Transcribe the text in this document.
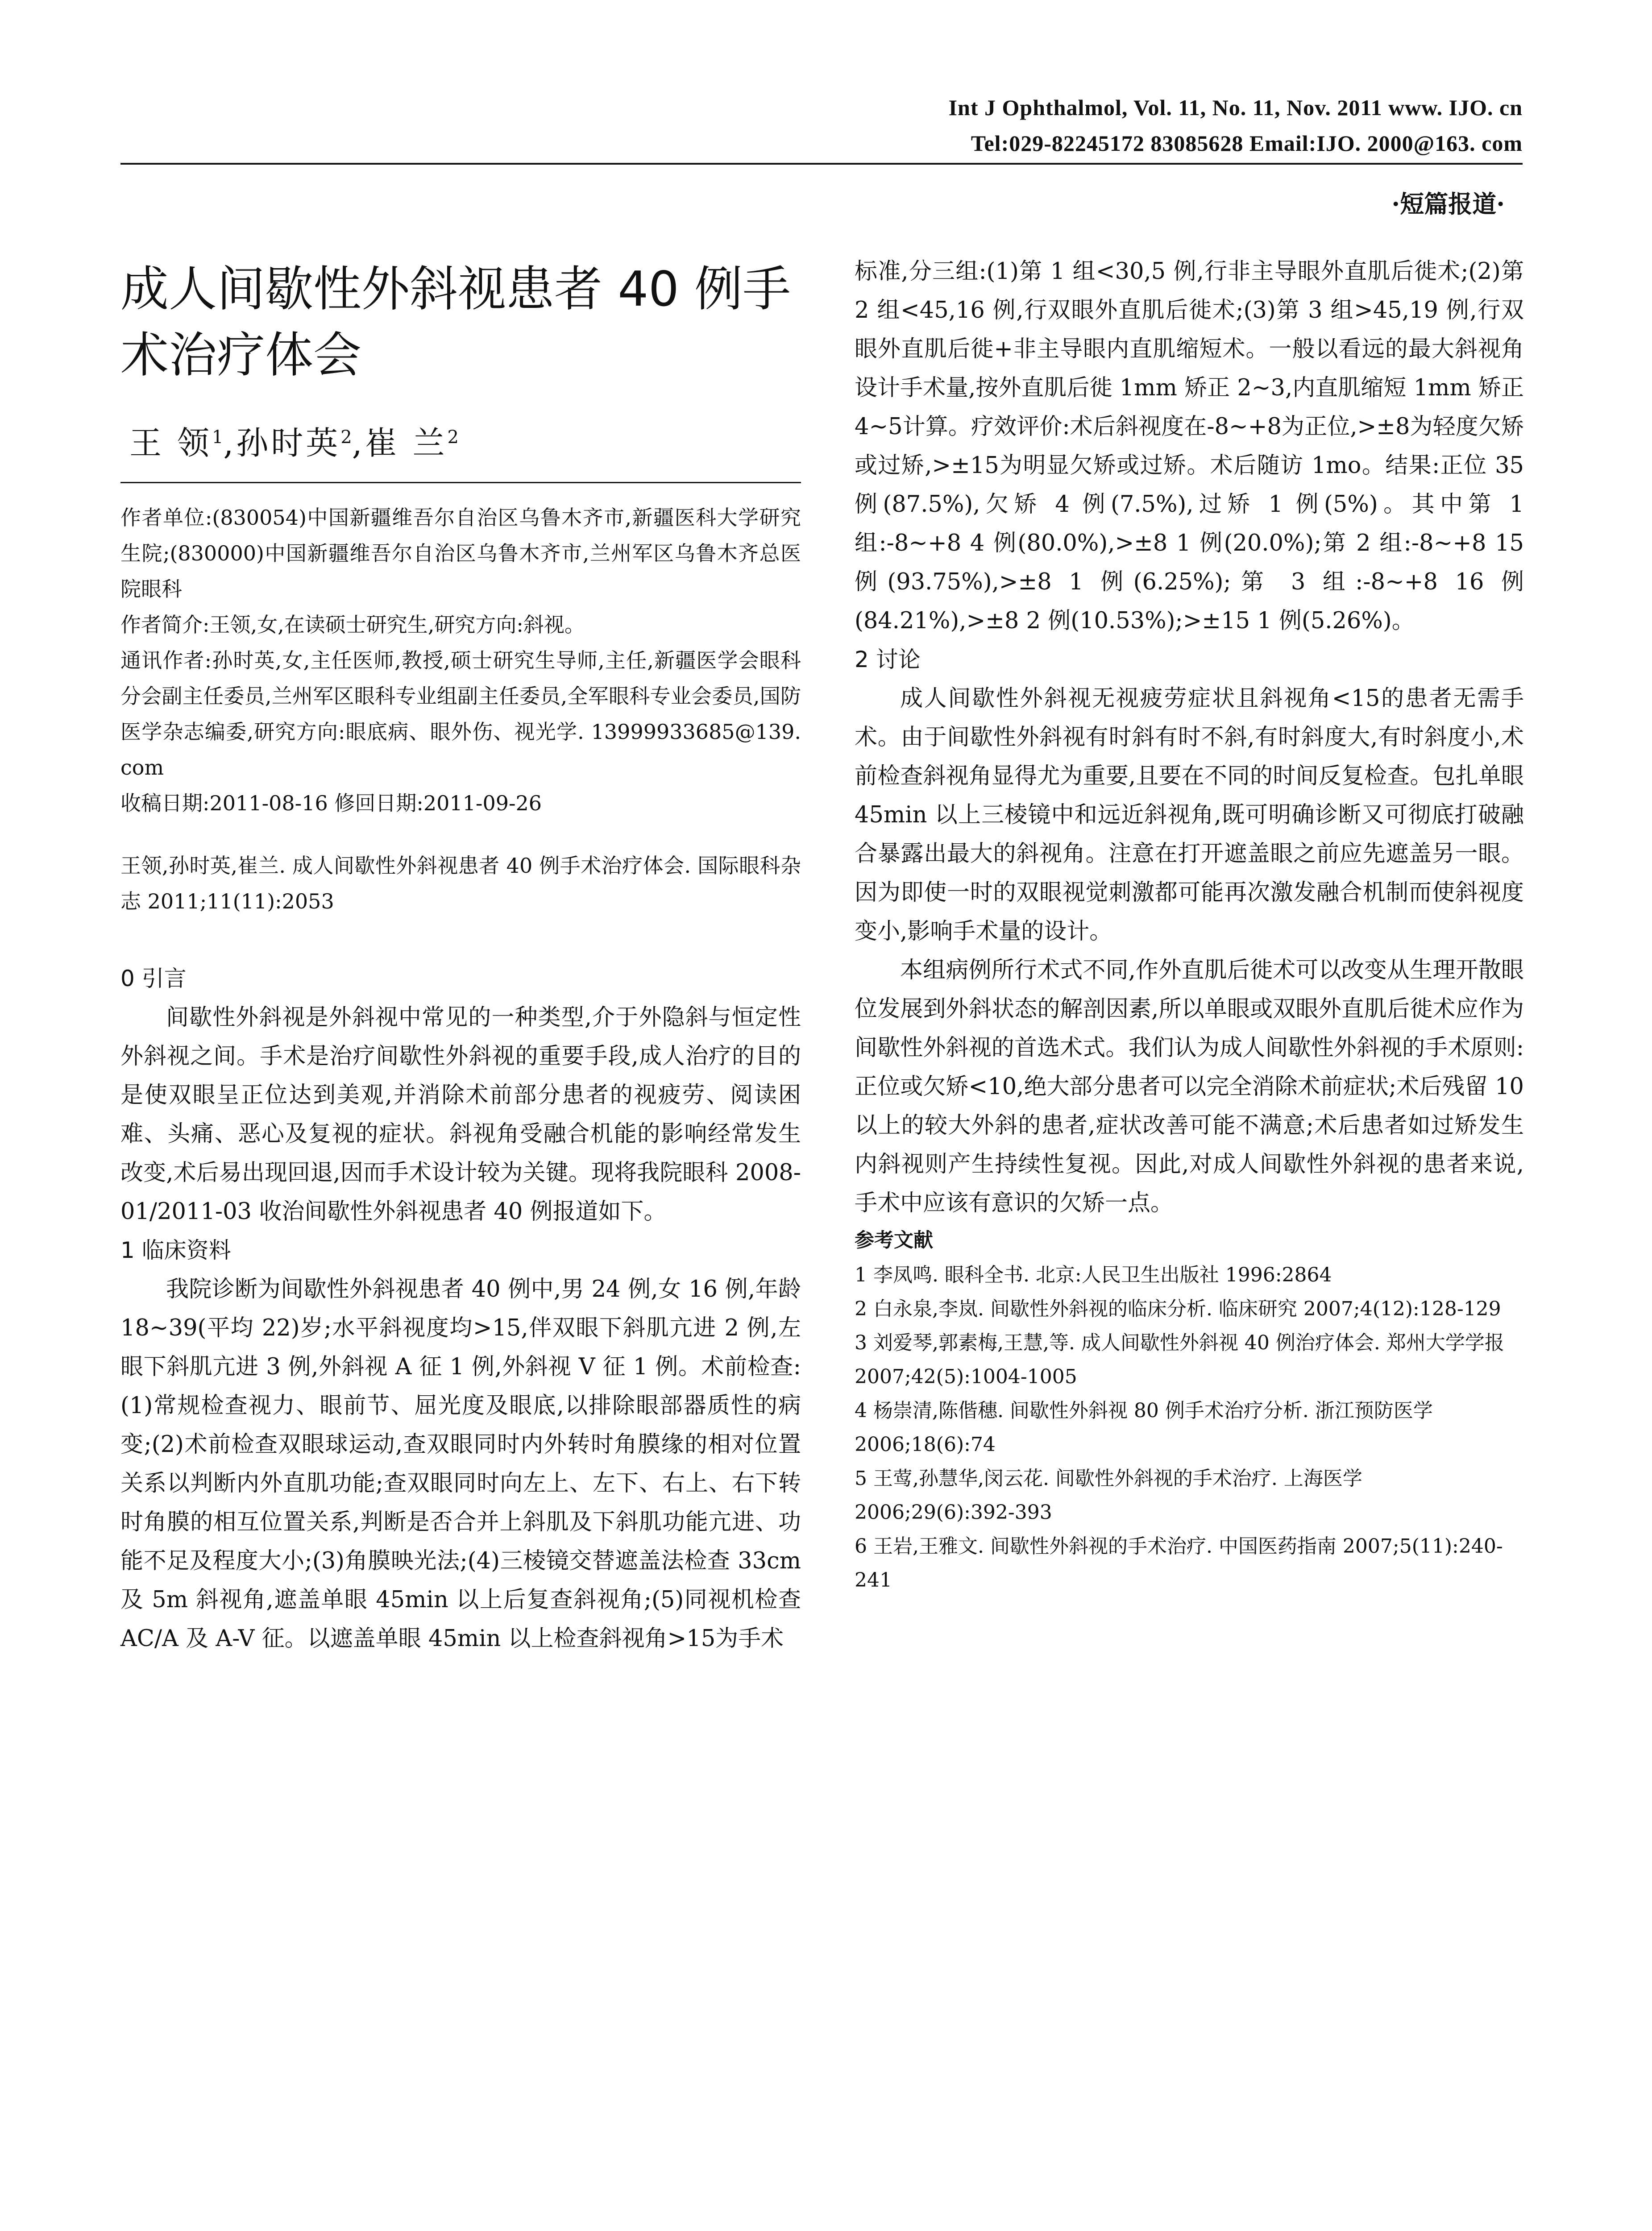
Int J Ophthalmol, Vol. 11, No. 11, Nov. 2011 www. IJO. cn
Tel:029-82245172 83085628 Email:IJO. 2000@163. com
·短篇报道·
成人间歇性外斜视患者 40 例手术治疗体会
王 领$^1$,孙时英$^2$,崔 兰$^2$

作者单位:(830054)中国新疆维吾尔自治区乌鲁木齐市,新疆医科大学研究生院;(830000)中国新疆维吾尔自治区乌鲁木齐市,兰州军区乌鲁木齐总医院眼科

作者简介:王领,女,在读硕士研究生,研究方向:斜视。

通讯作者:孙时英,女,主任医师,教授,硕士研究生导师,主任,新疆医学会眼科分会副主任委员,兰州军区眼科专业组副主任委员,全军眼科专业会委员,国防医学杂志编委,研究方向:眼底病、眼外伤、视光学. 13999933685@139. com

收稿日期:2011-08-16 修回日期:2011-09-26

王领,孙时英,崔兰. 成人间歇性外斜视患者 40 例手术治疗体会. 国际眼科杂志 2011;11(11):2053

0 引言

间歇性外斜视是外斜视中常见的一种类型,介于外隐斜与恒定性外斜视之间。手术是治疗间歇性外斜视的重要手段,成人治疗的目的是使双眼呈正位达到美观,并消除术前部分患者的视疲劳、阅读困难、头痛、恶心及复视的症状。斜视角受融合机能的影响经常发生改变,术后易出现回退,因而手术设计较为关键。现将我院眼科 2008-01/2011-03 收治间歇性外斜视患者 40 例报道如下。

1 临床资料

我院诊断为间歇性外斜视患者 40 例中,男 24 例,女 16 例,年龄 18~39(平均 22)岁;水平斜视度均>15,伴双眼下斜肌亢进 2 例,左眼下斜肌亢进 3 例,外斜视 A 征 1 例,外斜视 V 征 1 例。术前检查:(1)常规检查视力、眼前节、屈光度及眼底,以排除眼部器质性的病变;(2)术前检查双眼球运动,查双眼同时内外转时角膜缘的相对位置关系以判断内外直肌功能;查双眼同时向左上、左下、右上、右下转时角膜的相互位置关系,判断是否合并上斜肌及下斜肌功能亢进、功能不足及程度大小;(3)角膜映光法;(4)三棱镜交替遮盖法检查 33cm 及 5m 斜视角,遮盖单眼 45min 以上后复查斜视角;(5)同视机检查 AC/A 及 A-V 征。以遮盖单眼 45min 以上检查斜视角>15为手术

标准,分三组:(1)第 1 组<30,5 例,行非主导眼外直肌后徙术;(2)第 2 组<45,16 例,行双眼外直肌后徙术;(3)第 3 组>45,19 例,行双眼外直肌后徙+非主导眼内直肌缩短术。一般以看远的最大斜视角设计手术量,按外直肌后徙 1mm 矫正 2~3,内直肌缩短 1mm 矫正 4~5计算。疗效评价:术后斜视度在-8~+8为正位,>±8为轻度欠矫或过矫,>±15为明显欠矫或过矫。术后随访 1mo。结果:正位 35 例(87.5%),欠矫 4 例(7.5%),过矫 1 例(5%)。其中第 1 组:-8~+8 4 例(80.0%),>±8 1 例(20.0%);第 2 组:-8~+8 15 例(93.75%),>±8 1 例(6.25%);第 3 组:-8~+8 16 例(84.21%),>±8 2 例(10.53%);>±15 1 例(5.26%)。

2 讨论

成人间歇性外斜视无视疲劳症状且斜视角<15的患者无需手术。由于间歇性外斜视有时斜有时不斜,有时斜度大,有时斜度小,术前检查斜视角显得尤为重要,且要在不同的时间反复检查。包扎单眼 45min 以上三棱镜中和远近斜视角,既可明确诊断又可彻底打破融合暴露出最大的斜视角。注意在打开遮盖眼之前应先遮盖另一眼。因为即使一时的双眼视觉刺激都可能再次激发融合机制而使斜视度变小,影响手术量的设计。

本组病例所行术式不同,作外直肌后徙术可以改变从生理开散眼位发展到外斜状态的解剖因素,所以单眼或双眼外直肌后徙术应作为间歇性外斜视的首选术式。我们认为成人间歇性外斜视的手术原则:正位或欠矫<10,绝大部分患者可以完全消除术前症状;术后残留 10以上的较大外斜的患者,症状改善可能不满意;术后患者如过矫发生内斜视则产生持续性复视。因此,对成人间歇性外斜视的患者来说,手术中应该有意识的欠矫一点。

参考文献

1 李凤鸣. 眼科全书. 北京:人民卫生出版社 1996:2864

2 白永泉,李岚. 间歇性外斜视的临床分析. 临床研究 2007;4(12):128-129

3 刘爱琴,郭素梅,王慧,等. 成人间歇性外斜视 40 例治疗体会. 郑州大学学报 2007;42(5):1004-1005

4 杨崇清,陈偕穗. 间歇性外斜视 80 例手术治疗分析. 浙江预防医学 2006;18(6):74

5 王莺,孙慧华,闵云花. 间歇性外斜视的手术治疗. 上海医学 2006;29(6):392-393

6 王岩,王雅文. 间歇性外斜视的手术治疗. 中国医药指南 2007;5(11):240-241
